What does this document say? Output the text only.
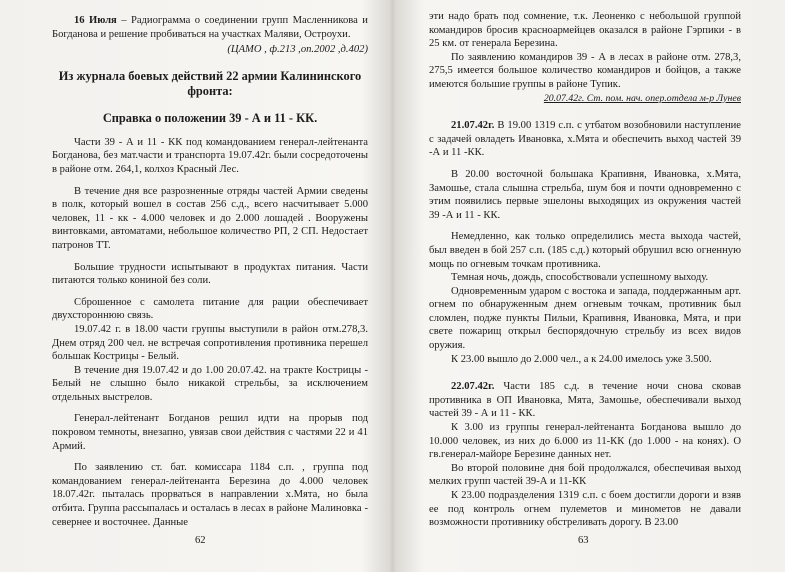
16 Июля – Радиограмма о соединении групп Масленникова и Богданова и решение пробиваться на участках Маляви, Остроухи.

(ЦАМО , ф.213 ,оп.2002 ,д.402)

Из журнала боевых действий 22 армии Калининского фронта:

Справка о положении 39 - А и 11 - КК.

Части 39 - А и 11 - КК под командованием генерал-лейтенанта Богданова, без мат.части и транспорта 19.07.42г. были сосредоточены в районе отм. 264,1, колхоз Красный Лес.

В течение дня все разрозненные отряды частей Армии сведены в полк, который вошел в состав 256 с.д., всего насчитывает 5.000 человек, 11 - кк - 4.000 человек и до 2.000 лошадей . Вооружены винтовками, автоматами, небольшое количество РП, 2 СП. Недостает патронов ТТ.

Большие трудности испытывают в продуктах питания. Части питаются только кониной без соли.

Сброшенное с самолета питание для рации обеспечивает двухстороннюю связь.

19.07.42 г. в 18.00 части группы выступили в район отм.278,3. Днем отряд 200 чел. не встречая сопротивления противника перешел большак Кострицы - Белый.

В течение дня 19.07.42 и до 1.00 20.07.42. на тракте Кострицы - Белый не слышно было никакой стрельбы, за исключением отдельных выстрелов.

Генерал-лейтенант Богданов решил идти на прорыв под покровом темноты, внезапно, увязав свои действия с частями 22 и 41 Армий.

По заявлению ст. бат. комиссара 1184 с.п. , группа под командованием генерал-лейтенанта Березина до 4.000 человек 18.07.42г. пыталась прорваться в направлении х.Мята, но была отбита. Группа рассыпалась и осталась в лесах в районе Малиновка - севернее и восточнее. Данные

62

эти надо брать под сомнение, т.к. Леоненко с небольшой группой командиров бросив красноармейцев оказался в районе Гэрпики - в 25 км. от генерала Березина.

По заявлению командиров 39 - А в лесах в районе отм. 278,3, 275,5 имеется большое количество командиров и бойцов, а также имеются большие группы в районе Тупик.

20.07.42г. Ст. пом. нач. опер.отдела м-р Лунев

21.07.42г. В 19.00 1319 с.п. с утбатом возобновили наступление с задачей овладеть Ивановка, х.Мята и обеспечить выход частей 39 -А и 11 -КК.

В 20.00 восточной большака Крапивня, Ивановка, х.Мята, Замошье, стала слышна стрельба, шум боя и почти одновременно с этим появились первые эшелоны выходящих из окружения частей 39 -А и 11 - КК.

Немедленно, как только определились места выхода частей, был введен в бой 257 с.п. (185 с.д.) который обрушил всю огненную мощь по огневым точкам противника.

Темная ночь, дождь, способствовали успешному выходу.

Одновременным ударом с востока и запада, поддержанным арт. огнем по обнаруженным днем огневым точкам, противник был сломлен, подже пункты Пилыи, Крапивня, Ивановка, Мята, и при свете пожарищ открыл беспорядочную стрельбу из всех видов оружия.

К 23.00 вышло до 2.000 чел., а к 24.00 имелось уже 3.500.

22.07.42г. Части 185 с.д. в течение ночи снова сковав противника в ОП Ивановка, Мята, Замошье, обеспечивали выход частей 39 - А и 11 - КК.

К 3.00 из группы генерал-лейтенанта Богданова вышло до 10.000 человек, из них до 6.000 из 11-КК (до 1.000 - на конях). О гв.генерал-майоре Березине данных нет.

Во второй половине дня бой продолжался, обеспечивая выход мелких групп частей 39-А и 11-КК

К 23.00 подразделения 1319 с.п. с боем достигли дороги и взяв ее под контроль огнем пулеметов и минометов не давали возможности противнику обстреливать дорогу. В 23.00

63
